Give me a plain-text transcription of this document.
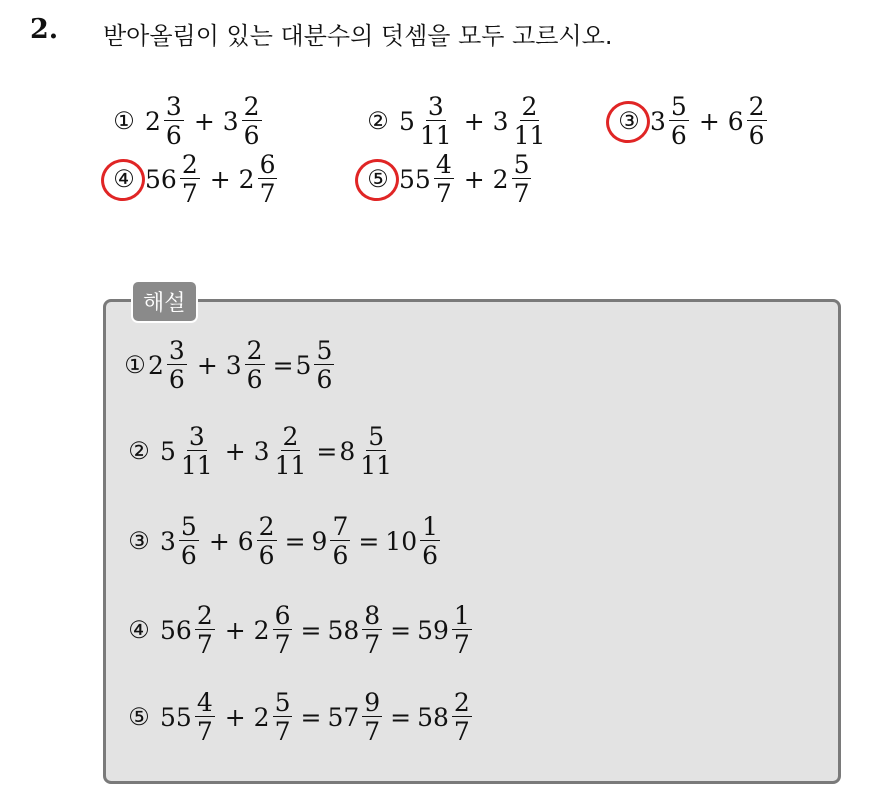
2. 받아올림이 있는 대분수의 덧셈을 모두 고르시오.
① $2 \frac{3}{6} + 3 \frac{2}{6}$	② $5 \frac{3}{11} + 3 \frac{2}{11}$	③ $3 \frac{5}{6} + 6 \frac{2}{6}$
④ $56 \frac{2}{7} + 2 \frac{6}{7}$	⑤ $55 \frac{4}{7} + 2 \frac{5}{7}$
해설
① $2 \frac{3}{6} + 3 \frac{2}{6} = 5 \frac{5}{6}$
② $5 \frac{3}{11} + 3 \frac{2}{11} = 8 \frac{5}{11}$
③ $3 \frac{5}{6} + 6 \frac{2}{6} = 9 \frac{7}{6} = 10 \frac{1}{6}$
④ $56 \frac{2}{7} + 2 \frac{6}{7} = 58 \frac{8}{7} = 59 \frac{1}{7}$
⑤ $55 \frac{4}{7} + 2 \frac{5}{7} = 57 \frac{9}{7} = 58 \frac{2}{7}$
